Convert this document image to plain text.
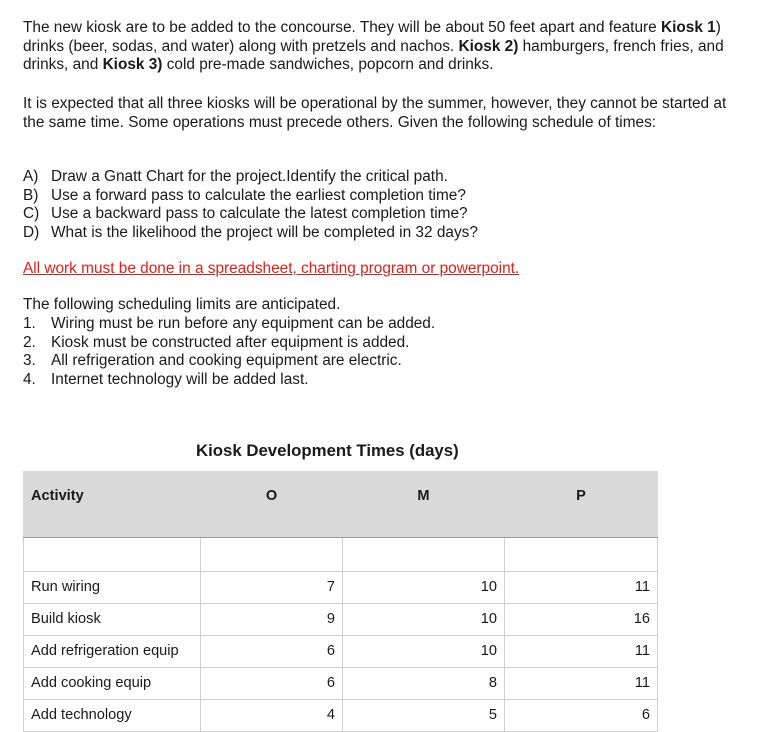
The new kiosk are to be added to the concourse. They will be about 50 feet apart and feature Kiosk 1) drinks (beer, sodas, and water) along with pretzels and nachos. Kiosk 2) hamburgers, french fries, and drinks, and Kiosk 3) cold pre-made sandwiches, popcorn and drinks.

It is expected that all three kiosks will be operational by the summer, however, they cannot be started at the same time. Some operations must precede others. Given the following schedule of times:

A) Draw a Gnatt Chart for the project.Identify the critical path.
B) Use a forward pass to calculate the earliest completion time?
C) Use a backward pass to calculate the latest completion time?
D) What is the likelihood the project will be completed in 32 days?

All work must be done in a spreadsheet, charting program or powerpoint.

The following scheduling limits are anticipated.

1. Wiring must be run before any equipment can be added.
2. Kiosk must be constructed after equipment is added.
3. All refrigeration and cooking equipment are electric.
4. Internet technology will be added last.

Kiosk Development Times (days)

Activity	O	M	P

Run wiring	7	10	11
Build kiosk	9	10	16
Add refrigeration equip	6	10	11
Add cooking equip	6	8	11
Add technology	4	5	6
